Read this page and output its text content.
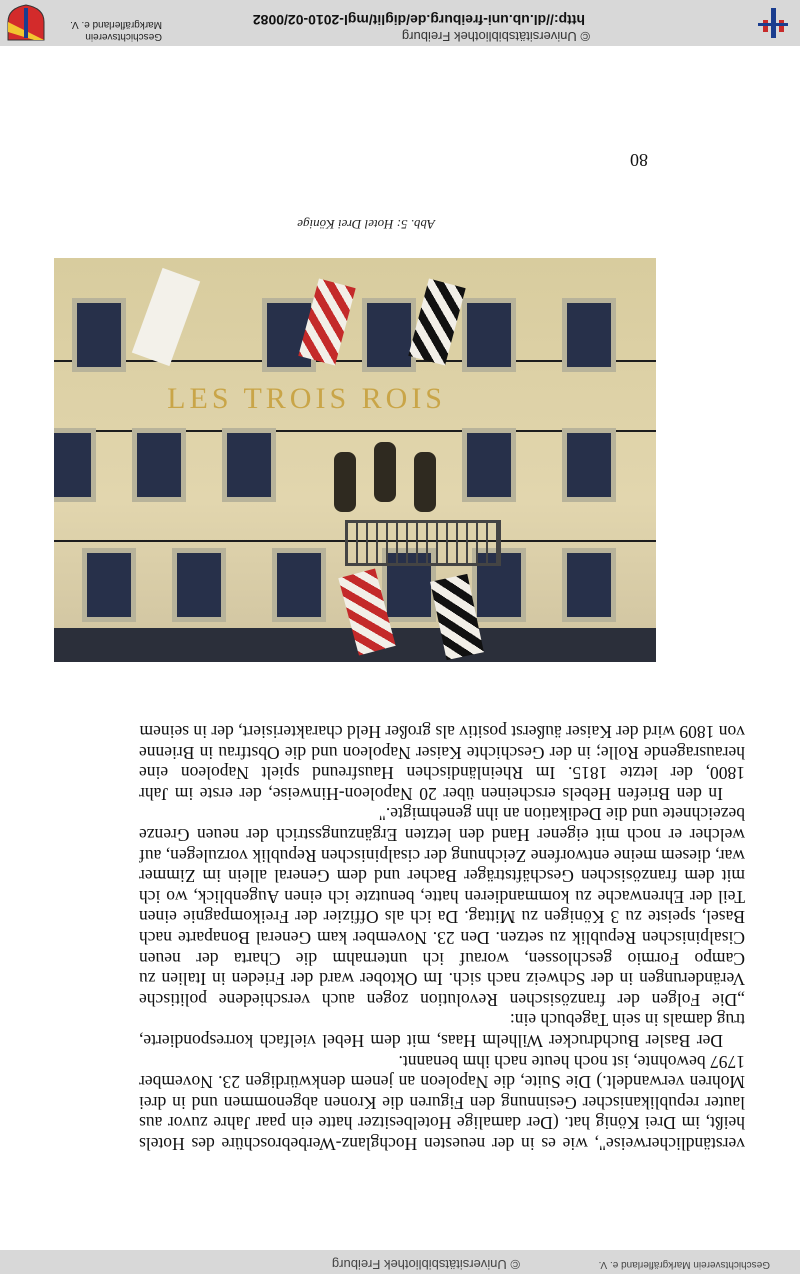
© Universitätsbibliothek Freiburg
http://dl.ub.uni-freiburg.de/diglit/mgl-2010-02/0082
Geschichtsverein Markgräflerland e. V.

verständlicherweise", wie es in der neuesten Hochglanz-Werbebroschüre des Hotels heißt, im Drei König hat. (Der damalige Hotelbesitzer hatte ein paar Jahre zuvor aus lauter republikanischer Gesinnung den Figuren die Kronen abgenommen und in drei Mohren verwandelt.) Die Suite, die Napoleon an jenem denkwürdigen 23. November 1797 bewohnte, ist noch heute nach ihm benannt.

Der Basler Buchdrucker Wilhelm Haas, mit dem Hebel vielfach korrespondierte, trug damals in sein Tagebuch ein:

„Die Folgen der französischen Revolution zogen auch verschiedene politische Veränderungen in der Schweiz nach sich. Im Oktober ward der Frieden in Italien zu Campo Formio geschlossen, worauf ich unternahm die Charta der neuen Cisalpinischen Republik zu setzen. Den 23. November kam General Bonaparte nach Basel, speiste zu 3 Königen zu Mittag. Da ich als Offizier der Freikompagnie einen Teil der Ehrenwache zu kommandieren hatte, benutzte ich einen Augenblick, wo ich mit dem französischen Geschäftsträger Bacher und dem General allein im Zimmer war, diesem meine entworfene Zeichnung der cisalpinischen Republik vorzulegen, auf welcher er noch mit eigener Hand den letzten Ergänzungsstrich der neuen Grenze bezeichnete und die Dedikation an ihn genehmigte."

In den Briefen Hebels erscheinen über 20 Napoleon-Hinweise, der erste im Jahr 1800, der letzte 1815. Im Rheinländischen Hausfreund spielt Napoleon eine herausragende Rolle; in der Geschichte Kaiser Napoleon und die Obstfrau in Brienne von 1809 wird der Kaiser äußerst positiv als großer Held charakterisiert, der in seinem

LES TROIS ROIS
Abb. 5: Hotel Drei Könige
80
© Universitätsbibliothek Freiburg	Geschichtsverein Markgräflerland e. V.
